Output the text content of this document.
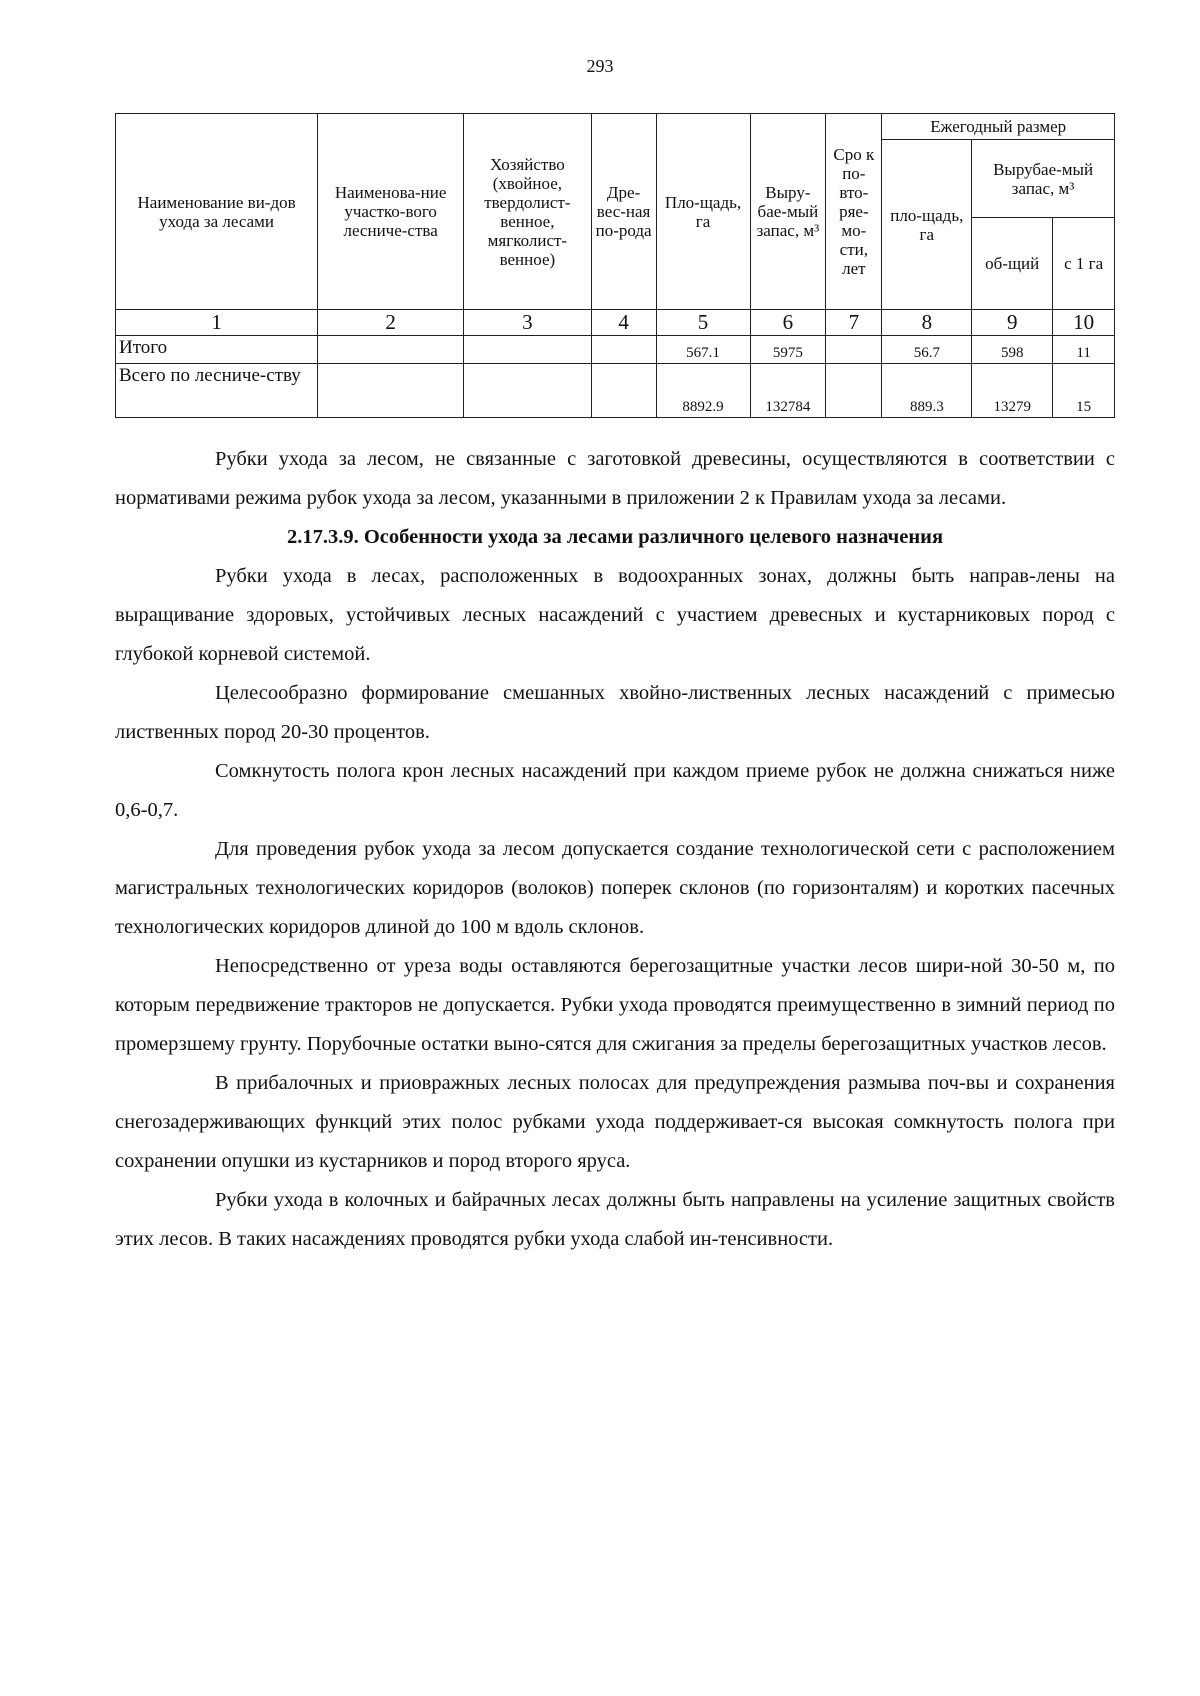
293
Наименование ви-дов ухода за лесами	Наименова-ние участко-вого лесниче-ства	Хозяйство (хвойное, твердолист-венное, мягколист-венное)	Дре-вес-ная по-рода	Пло-щадь, га	Выру-бае-мый запас, м³	Сро к по-вто-ряе-мо-сти, лет	Ежегодный размер		
							пло-щадь, га	Вырубае-мый запас, м³	
								об-щий	с 1 га
1	2	3	4	5	6	7	8	9	10
Итого				567.1	5975		56.7	598	11
Всего по лесниче-ству				8892.9	132784		889.3	13279	15

Рубки ухода за лесом, не связанные с заготовкой древесины, осуществляются в соответствии с нормативами режима рубок ухода за лесом, указанными в приложении 2 к Правилам ухода за лесами.

2.17.3.9. Особенности ухода за лесами различного целевого назначения

Рубки ухода в лесах, расположенных в водоохранных зонах, должны быть направ-лены на выращивание здоровых, устойчивых лесных насаждений с участием древесных и кустарниковых пород с глубокой корневой системой.

Целесообразно формирование смешанных хвойно-лиственных лесных насаждений с примесью лиственных пород 20-30 процентов.

Сомкнутость полога крон лесных насаждений при каждом приеме рубок не должна снижаться ниже 0,6-0,7.

Для проведения рубок ухода за лесом допускается создание технологической сети с расположением магистральных технологических коридоров (волоков) поперек склонов (по горизонталям) и коротких пасечных технологических коридоров длиной до 100 м вдоль склонов.

Непосредственно от уреза воды оставляются берегозащитные участки лесов шири-ной 30-50 м, по которым передвижение тракторов не допускается. Рубки ухода проводятся преимущественно в зимний период по промерзшему грунту. Порубочные остатки выно-сятся для сжигания за пределы берегозащитных участков лесов.

В прибалочных и приовражных лесных полосах для предупреждения размыва поч-вы и сохранения снегозадерживающих функций этих полос рубками ухода поддерживает-ся высокая сомкнутость полога при сохранении опушки из кустарников и пород второго яруса.

Рубки ухода в колочных и байрачных лесах должны быть направлены на усиление защитных свойств этих лесов. В таких насаждениях проводятся рубки ухода слабой ин-тенсивности.
